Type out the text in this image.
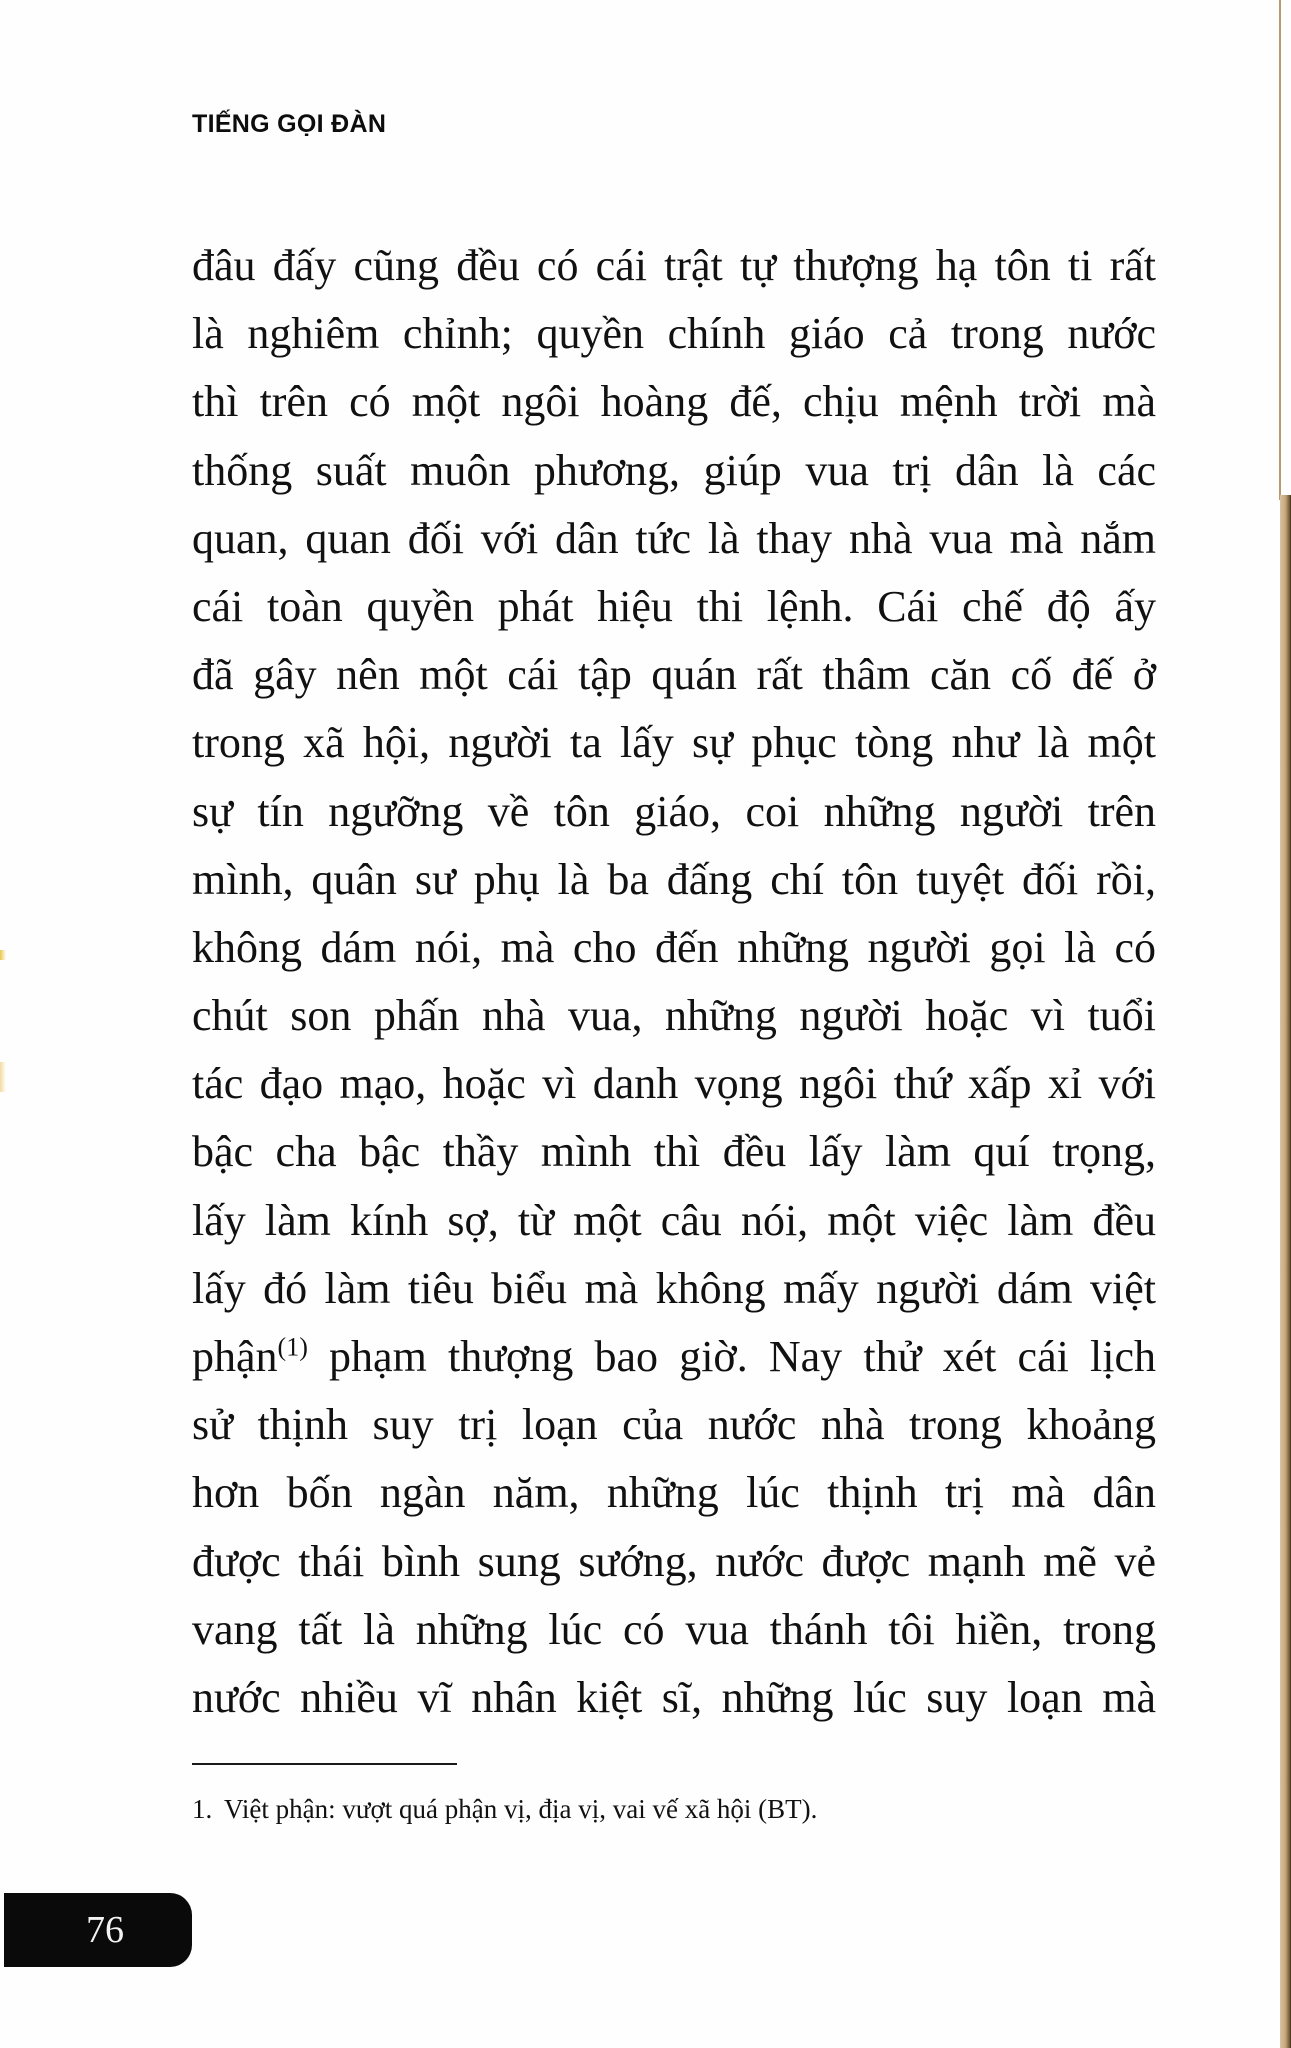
TIẾNG GỌI ĐÀN
đâu đấy cũng đều có cái trật tự thượng hạ tôn ti rất
là nghiêm chỉnh; quyền chính giáo cả trong nước
thì trên có một ngôi hoàng đế, chịu mệnh trời mà
thống suất muôn phương, giúp vua trị dân là các
quan, quan đối với dân tức là thay nhà vua mà nắm
cái toàn quyền phát hiệu thi lệnh. Cái chế độ ấy
đã gây nên một cái tập quán rất thâm căn cố đế ở
trong xã hội, người ta lấy sự phục tòng như là một
sự tín ngưỡng về tôn giáo, coi những người trên
mình, quân sư phụ là ba đấng chí tôn tuyệt đối rồi,
không dám nói, mà cho đến những người gọi là có
chút son phấn nhà vua, những người hoặc vì tuổi
tác đạo mạo, hoặc vì danh vọng ngôi thứ xấp xỉ với
bậc cha bậc thầy mình thì đều lấy làm quí trọng,
lấy làm kính sợ, từ một câu nói, một việc làm đều
lấy đó làm tiêu biểu mà không mấy người dám việt
phận$^{(1)}$ phạm thượng bao giờ. Nay thử xét cái lịch
sử thịnh suy trị loạn của nước nhà trong khoảng
hơn bốn ngàn năm, những lúc thịnh trị mà dân
được thái bình sung sướng, nước được mạnh mẽ vẻ
vang tất là những lúc có vua thánh tôi hiền, trong
nước nhiều vĩ nhân kiệt sĩ, những lúc suy loạn mà
1. Việt phận: vượt quá phận vị, địa vị, vai vế xã hội (BT).
76
